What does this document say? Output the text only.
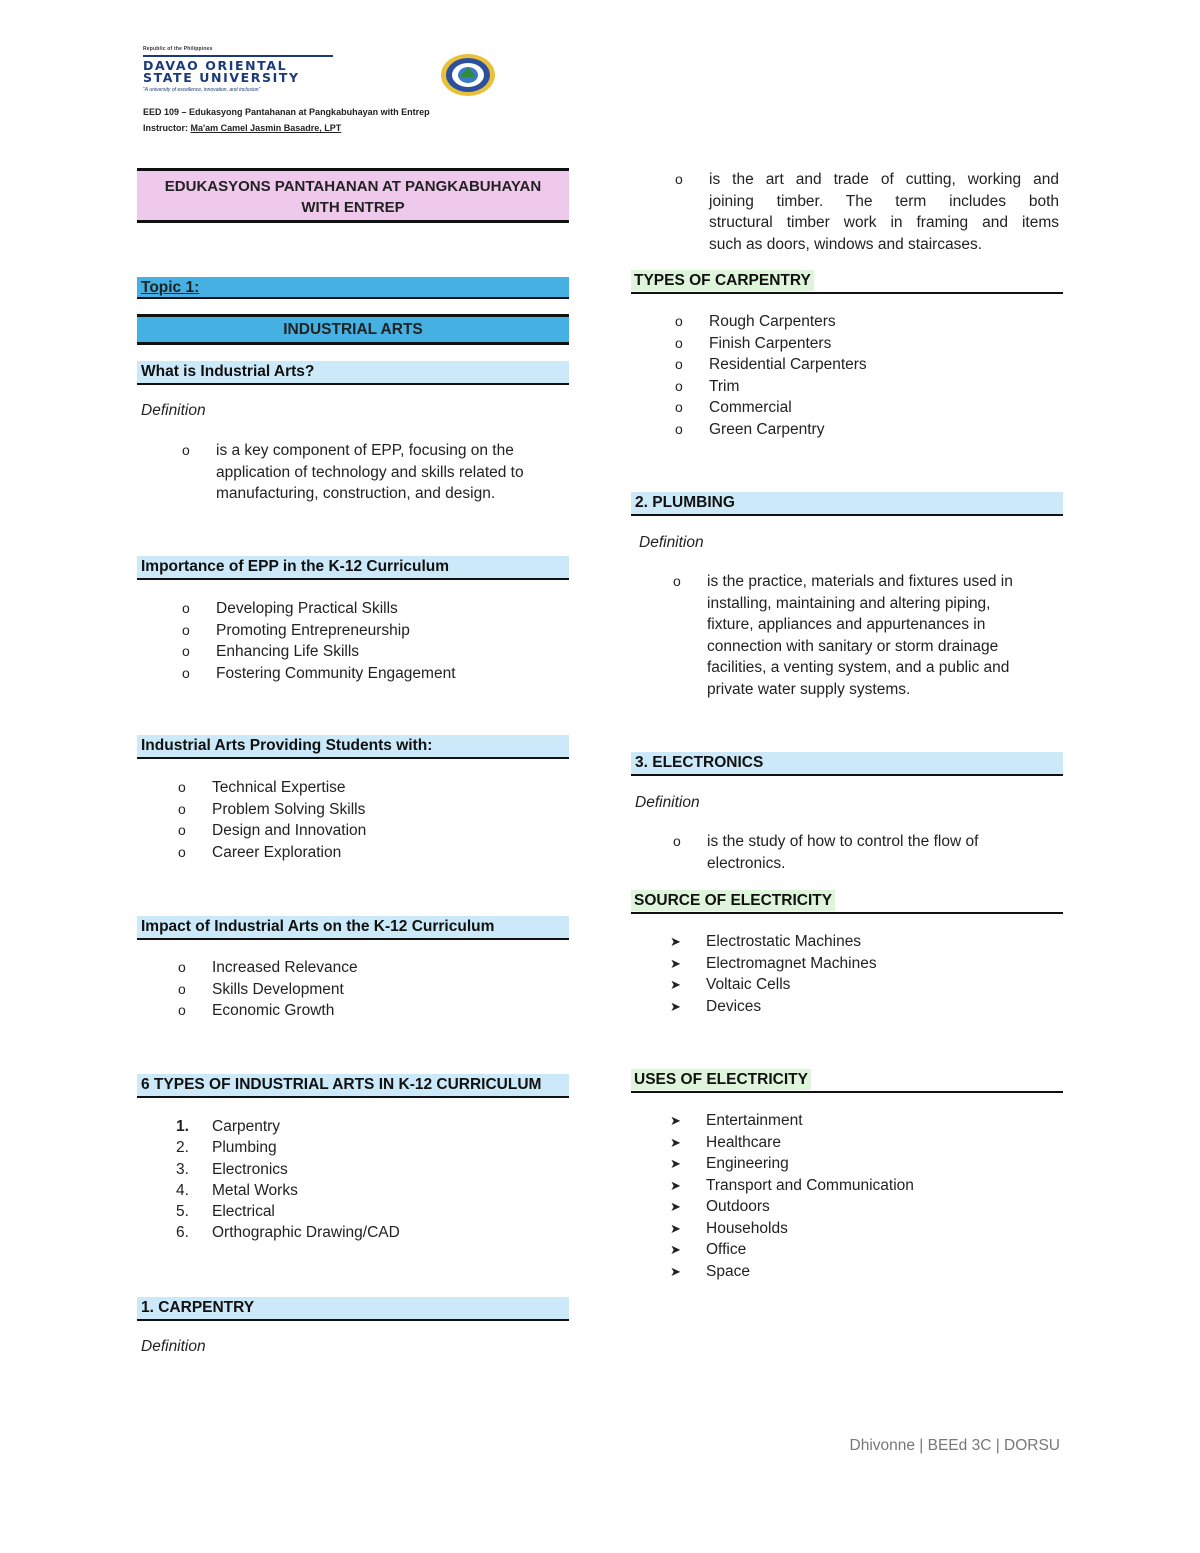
Republic of the Philippines
DAVAO ORIENTAL
STATE UNIVERSITY
"A university of excellence, innovation, and inclusion"
EED 109 – Edukasyong Pantahanan at Pangkabuhayan with Entrep
Instructor: Ma'am Camel Jasmin Basadre, LPT
EDUKASYONS PANTAHANAN AT PANGKABUHAYAN
WITH ENTREP
Topic 1:
INDUSTRIAL ARTS
What is Industrial Arts?
Definition
o is a key component of EPP, focusing on the
application of technology and skills related to
manufacturing, construction, and design.
Importance of EPP in the K-12 Curriculum
o Developing Practical Skills
o Promoting Entrepreneurship
o Enhancing Life Skills
o Fostering Community Engagement
Industrial Arts Providing Students with:
o Technical Expertise
o Problem Solving Skills
o Design and Innovation
o Career Exploration
Impact of Industrial Arts on the K-12 Curriculum
o Increased Relevance
o Skills Development
o Economic Growth
6 TYPES OF INDUSTRIAL ARTS IN K-12 CURRICULUM
1. Carpentry
2. Plumbing
3. Electronics
4. Metal Works
5. Electrical
6. Orthographic Drawing/CAD
1. CARPENTRY
Definition
o is the art and trade of cutting, working and
joining timber. The term includes both
structural timber work in framing and items
such as doors, windows and staircases.
TYPES OF CARPENTRY
o Rough Carpenters
o Finish Carpenters
o Residential Carpenters
o Trim
o Commercial
o Green Carpentry
2. PLUMBING
Definition
o is the practice, materials and fixtures used in
installing, maintaining and altering piping,
fixture, appliances and appurtenances in
connection with sanitary or storm drainage
facilities, a venting system, and a public and
private water supply systems.
3. ELECTRONICS
Definition
o is the study of how to control the flow of
electronics.
SOURCE OF ELECTRICITY
➤ Electrostatic Machines
➤ Electromagnet Machines
➤ Voltaic Cells
➤ Devices
USES OF ELECTRICITY
➤ Entertainment
➤ Healthcare
➤ Engineering
➤ Transport and Communication
➤ Outdoors
➤ Households
➤ Office
➤ Space
Dhivonne | BEEd 3C | DORSU
